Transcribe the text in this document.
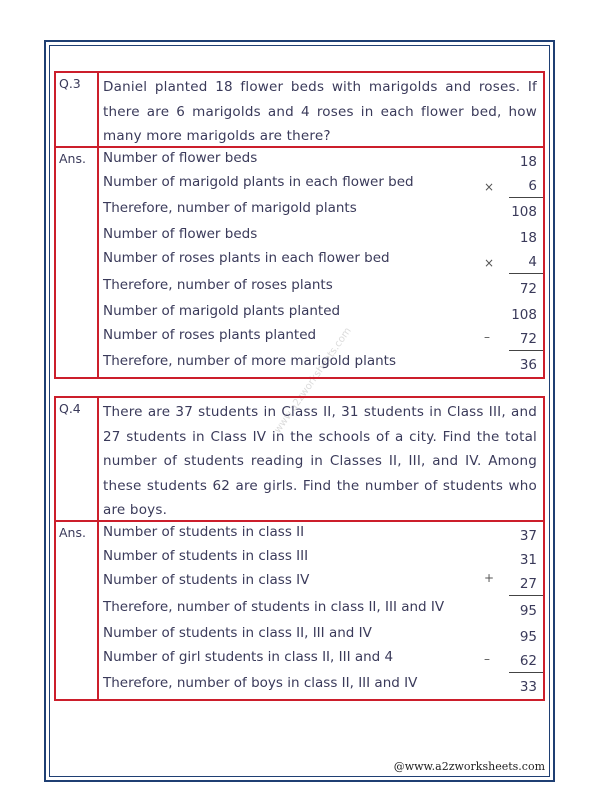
www.a2zworksheets.com
Q.3	Daniel planted 18 flower beds with marigolds and roses. If there are 6 marigolds and 4 roses in each flower bed, how many more marigolds are there?
Ans.	Number of flower beds	18
Number of marigold plants in each flower bed	×	6
Therefore, number of marigold plants	108
Number of flower beds	18
Number of roses plants in each flower bed	×	4
Therefore, number of roses plants	72
Number of marigold plants planted	108
Number of roses plants planted	– 72
Therefore, number of more marigold plants	36
Q.4	There are 37 students in Class II, 31 students in Class III, and 27 students in Class IV in the schools of a city. Find the total number of students reading in Classes II, III, and IV. Among these students 62 are girls. Find the number of students who are boys.
Ans.	Number of students in class II	37
Number of students in class III	31
Number of students in class IV	+ 27
Therefore, number of students in class II, III and IV	95
Number of students in class II, III and IV	95
Number of girl students in class II, III and 4	– 62
Therefore, number of boys in class II, III and IV	33
@www.a2zworksheets.com
